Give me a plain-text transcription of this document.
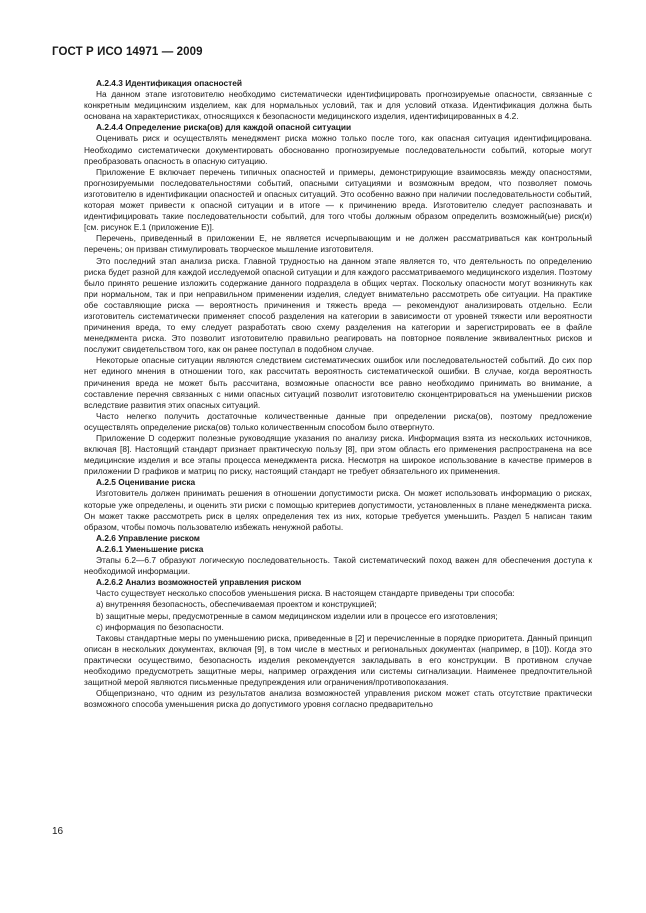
ГОСТ Р ИСО 14971 — 2009

А.2.4.3 Идентификация опасностей

На данном этапе изготовителю необходимо систематически идентифицировать прогнозируемые опасности, связанные с конкретным медицинским изделием, как для нормальных условий, так и для условий отказа. Идентификация должна быть основана на характеристиках, относящихся к безопасности медицинского изделия, идентифицированных в 4.2.

А.2.4.4 Определение риска(ов) для каждой опасной ситуации

Оценивать риск и осуществлять менеджмент риска можно только после того, как опасная ситуация идентифицирована. Необходимо систематически документировать обоснованно прогнозируемые последовательности событий, которые могут преобразовать опасность в опасную ситуацию.

Приложение Е включает перечень типичных опасностей и примеры, демонстрирующие взаимосвязь между опасностями, прогнозируемыми последовательностями событий, опасными ситуациями и возможным вредом, что позволяет помочь изготовителю в идентификации опасностей и опасных ситуаций. Это особенно важно при наличии последовательности событий, которая может привести к опасной ситуации и в итоге — к причинению вреда. Изготовителю следует распознавать и идентифицировать такие последовательности событий, для того чтобы должным образом определить возможный(ые) риск(и) [см. рисунок Е.1 (приложение Е)].

Перечень, приведенный в приложении Е, не является исчерпывающим и не должен рассматриваться как контрольный перечень; он призван стимулировать творческое мышление изготовителя.

Это последний этап анализа риска. Главной трудностью на данном этапе является то, что деятельность по определению риска будет разной для каждой исследуемой опасной ситуации и для каждого рассматриваемого медицинского изделия. Поэтому было принято решение изложить содержание данного подраздела в общих чертах. Поскольку опасности могут возникнуть как при нормальном, так и при неправильном применении изделия, следует внимательно рассмотреть обе ситуации. На практике обе составляющие риска — вероятность причинения и тяжесть вреда — рекомендуют анализировать отдельно. Если изготовитель систематически применяет способ разделения на категории в зависимости от уровней тяжести или вероятности причинения вреда, то ему следует разработать свою схему разделения на категории и зарегистрировать ее в файле менеджмента риска. Это позволит изготовителю правильно реагировать на повторное появление эквивалентных рисков и послужит свидетельством того, как он ранее поступал в подобном случае.

Некоторые опасные ситуации являются следствием систематических ошибок или последовательностей событий. До сих пор нет единого мнения в отношении того, как рассчитать вероятность систематической ошибки. В случае, когда вероятность причинения вреда не может быть рассчитана, возможные опасности все равно необходимо принимать во внимание, а составление перечня связанных с ними опасных ситуаций позволит изготовителю сконцентрироваться на уменьшении рисков вследствие развития этих опасных ситуаций.

Часто нелегко получить достаточные количественные данные при определении риска(ов), поэтому предложение осуществлять определение риска(ов) только количественным способом было отвергнуто.

Приложение D содержит полезные руководящие указания по анализу риска. Информация взята из нескольких источников, включая [8]. Настоящий стандарт признает практическую пользу [8], при этом область его применения распространена на все медицинские изделия и все этапы процесса менеджмента риска. Несмотря на широкое использование в качестве примеров в приложении D графиков и матриц по риску, настоящий стандарт не требует обязательного их применения.

А.2.5 Оценивание риска

Изготовитель должен принимать решения в отношении допустимости риска. Он может использовать информацию о рисках, которые уже определены, и оценить эти риски с помощью критериев допустимости, установленных в плане менеджмента риска. Он может также рассмотреть риск в целях определения тех из них, которые требуется уменьшить. Раздел 5 написан таким образом, чтобы помочь пользователю избежать ненужной работы.

А.2.6 Управление риском

А.2.6.1 Уменьшение риска

Этапы 6.2—6.7 образуют логическую последовательность. Такой систематический поход важен для обеспечения доступа к необходимой информации.

А.2.6.2 Анализ возможностей управления риском

Часто существует несколько способов уменьшения риска. В настоящем стандарте приведены три способа:

а) внутренняя безопасность, обеспечиваемая проектом и конструкцией;

b) защитные меры, предусмотренные в самом медицинском изделии или в процессе его изготовления;

с) информация по безопасности.

Таковы стандартные меры по уменьшению риска, приведенные в [2] и перечисленные в порядке приоритета. Данный принцип описан в нескольких документах, включая [9], в том числе в местных и региональных документах (например, в [10]). Когда это практически осуществимо, безопасность изделия рекомендуется закладывать в его конструкции. В противном случае необходимо предусмотреть защитные меры, например ограждения или системы сигнализации. Наименее предпочтительной защитной мерой являются письменные предупреждения или ограничения/противопоказания.

Общепризнано, что одним из результатов анализа возможностей управления риском может стать отсутствие практически возможного способа уменьшения риска до допустимого уровня согласно предварительно

16
